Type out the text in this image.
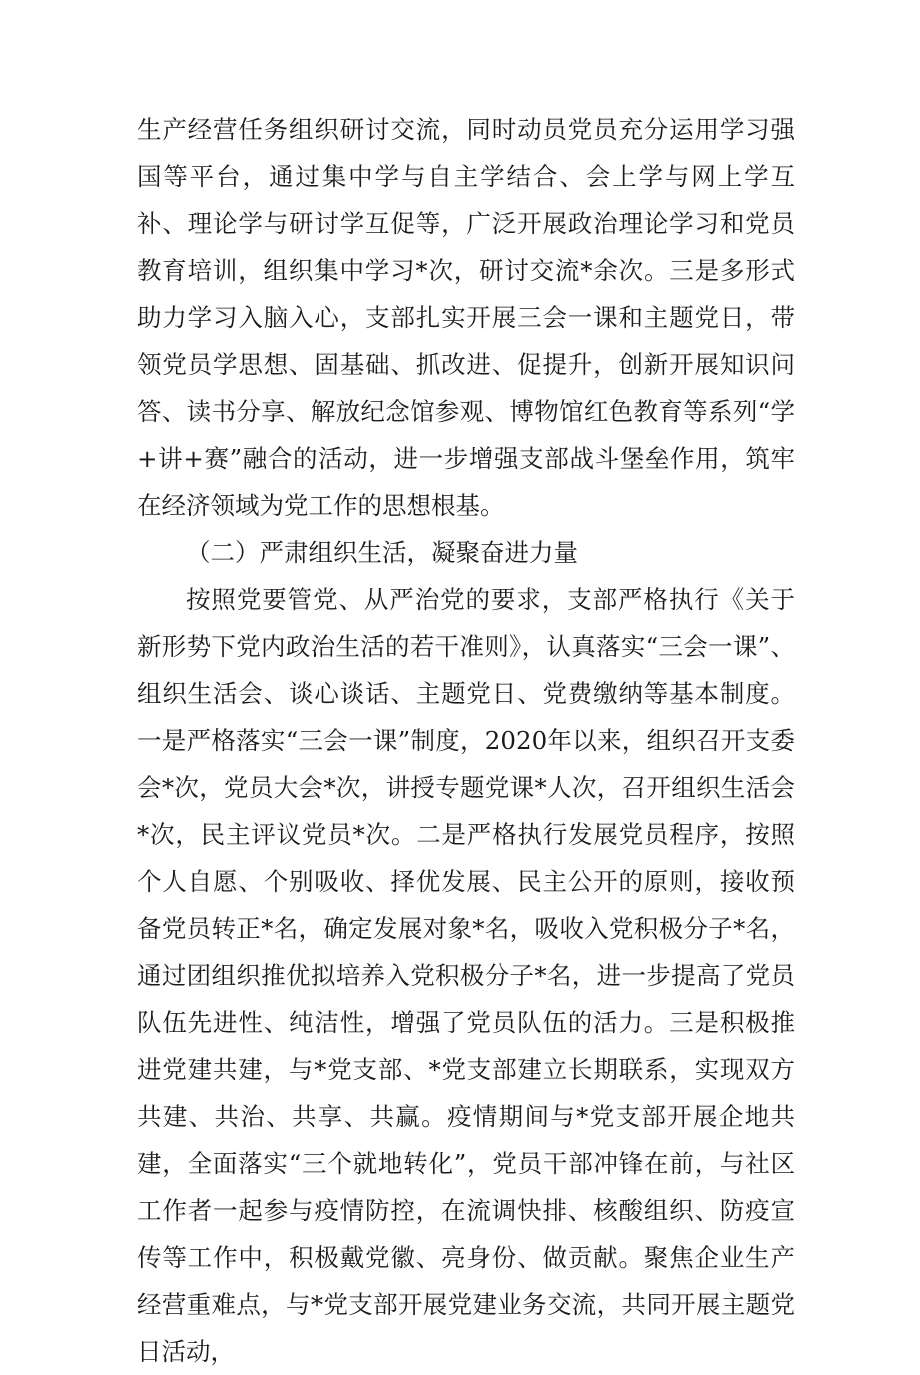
生产经营任务组织研讨交流，同时动员党员充分运用学习强国等平台，通过集中学与自主学结合、会上学与网上学互补、理论学与研讨学互促等，广泛开展政治理论学习和党员教育培训，组织集中学习*次，研讨交流*余次。三是多形式助力学习入脑入心，支部扎实开展三会一课和主题党日，带领党员学思想、固基础、抓改进、促提升，创新开展知识问答、读书分享、解放纪念馆参观、博物馆红色教育等系列“学+讲+赛”融合的活动，进一步增强支部战斗堡垒作用，筑牢在经济领域为党工作的思想根基。

（二）严肃组织生活，凝聚奋进力量

按照党要管党、从严治党的要求，支部严格执行《关于新形势下党内政治生活的若干准则》，认真落实“三会一课”、组织生活会、谈心谈话、主题党日、党费缴纳等基本制度。一是严格落实“三会一课”制度，2020年以来，组织召开支委会*次，党员大会*次，讲授专题党课*人次，召开组织生活会*次，民主评议党员*次。二是严格执行发展党员程序，按照个人自愿、个别吸收、择优发展、民主公开的原则，接收预备党员转正*名，确定发展对象*名，吸收入党积极分子*名，通过团组织推优拟培养入党积极分子*名，进一步提高了党员队伍先进性、纯洁性，增强了党员队伍的活力。三是积极推进党建共建，与*党支部、*党支部建立长期联系，实现双方共建、共治、共享、共赢。疫情期间与*党支部开展企地共建，全面落实“三个就地转化”，党员干部冲锋在前，与社区工作者一起参与疫情防控，在流调快排、核酸组织、防疫宣传等工作中，积极戴党徽、亮身份、做贡献。聚焦企业生产经营重难点，与*党支部开展党建业务交流，共同开展主题党日活动，
